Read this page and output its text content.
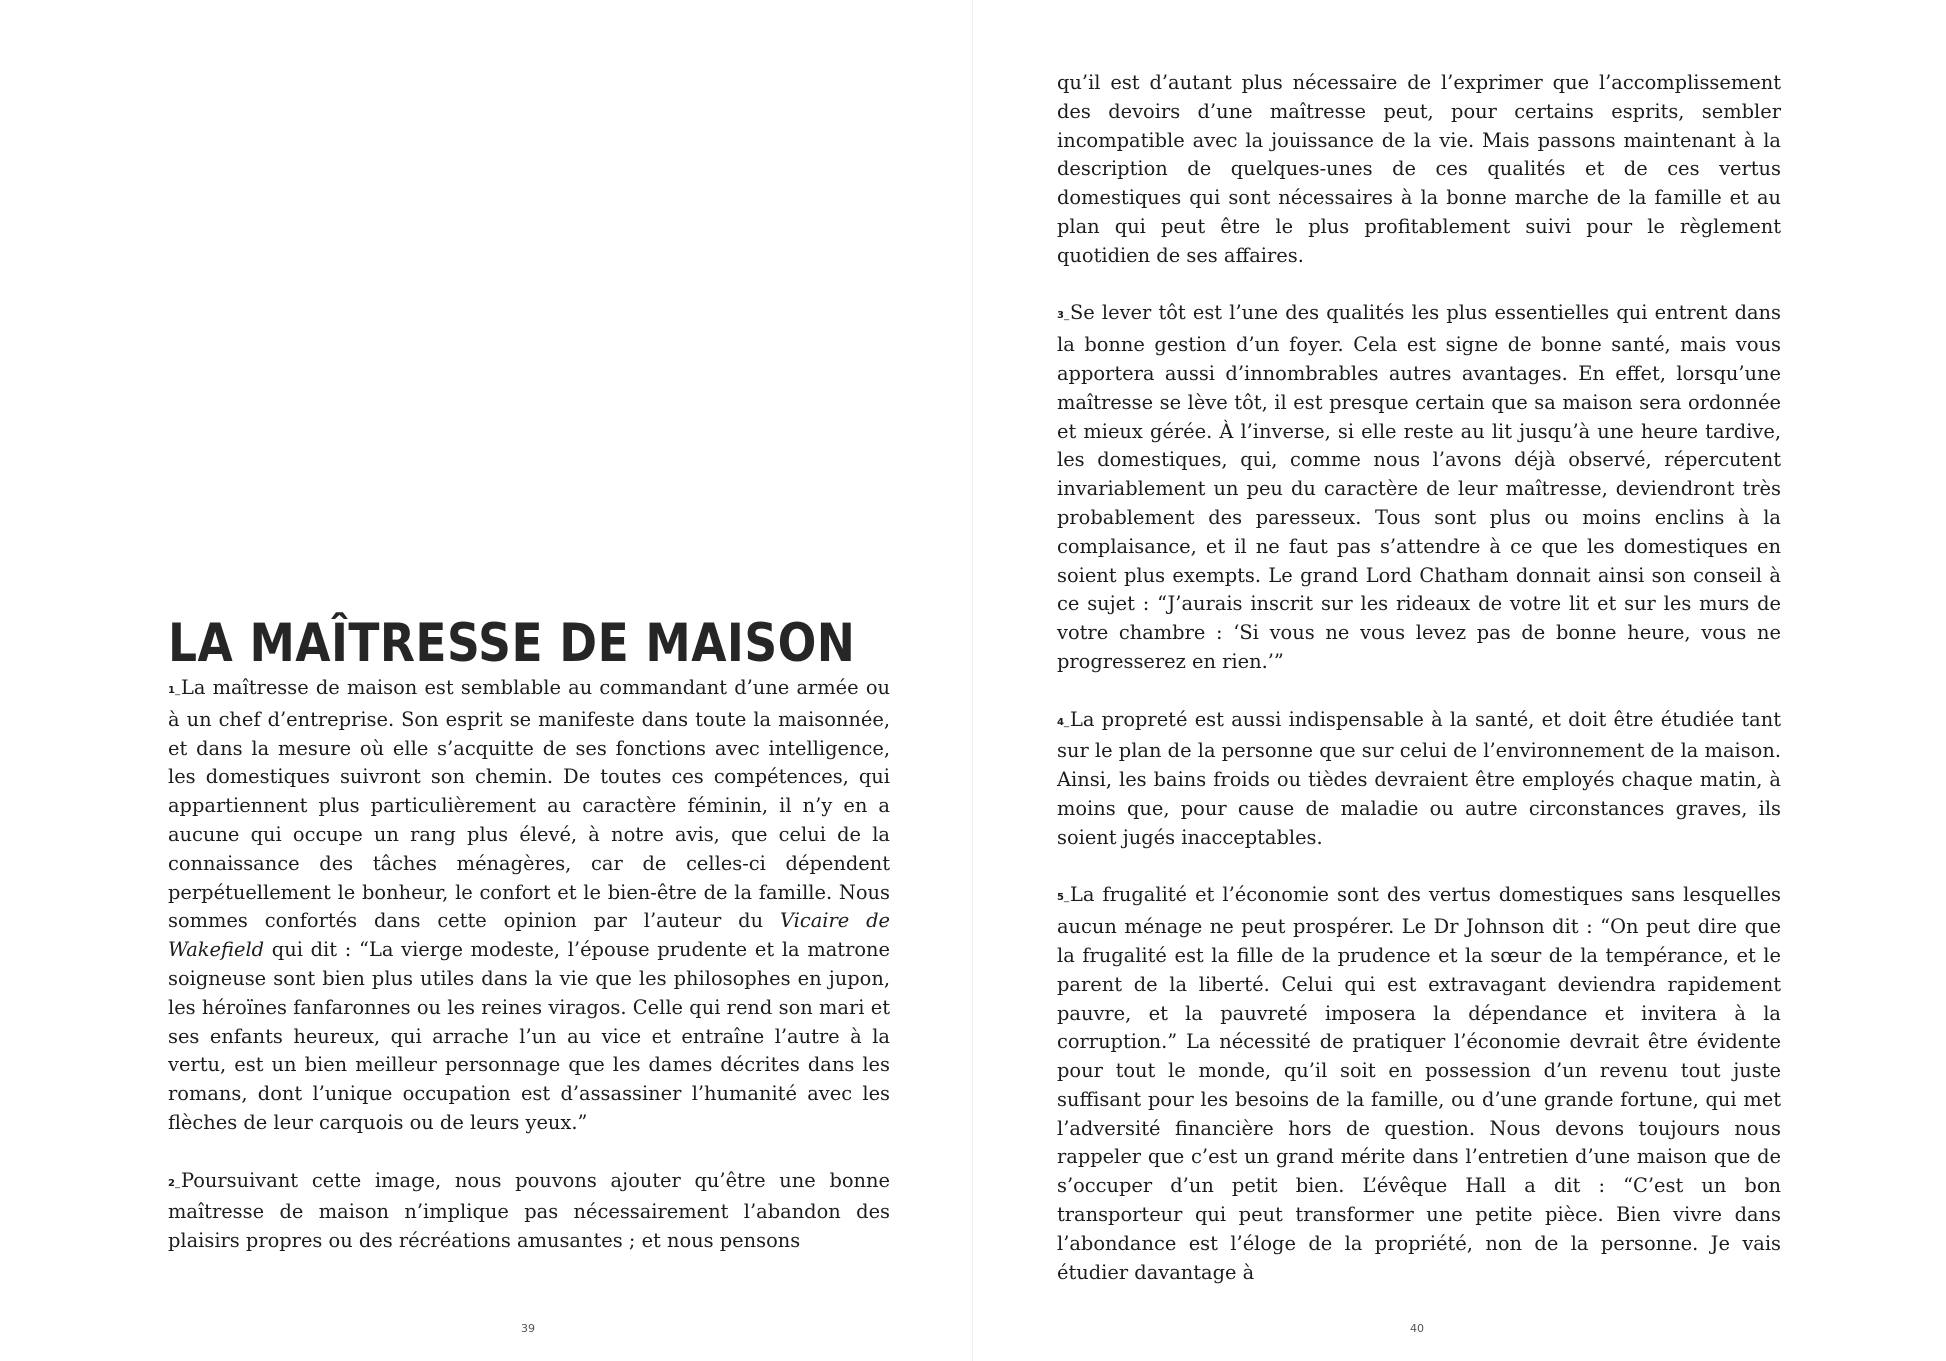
LA MAÎTRESSE DE MAISON

1 _ La maîtresse de maison est semblable au commandant d’une armée ou à un chef d’entreprise. Son esprit se manifeste dans toute la maisonnée, et dans la mesure où elle s’acquitte de ses fonctions avec intelligence, les domestiques suivront son chemin. De toutes ces compétences, qui appartiennent plus particulièrement au caractère féminin, il n’y en a aucune qui occupe un rang plus élevé, à notre avis, que celui de la connaissance des tâches ménagères, car de celles-ci dépendent perpétuellement le bonheur, le confort et le bien-être de la famille. Nous sommes confortés dans cette opinion par l’auteur du Vicaire de Wakefield qui dit : “La vierge modeste, l’épouse prudente et la matrone soigneuse sont bien plus utiles dans la vie que les philosophes en jupon, les héroïnes fanfaronnes ou les reines viragos. Celle qui rend son mari et ses enfants heureux, qui arrache l’un au vice et entraîne l’autre à la vertu, est un bien meilleur personnage que les dames décrites dans les romans, dont l’unique occupation est d’assassiner l’humanité avec les flèches de leur carquois ou de leurs yeux.”

2 _ Poursuivant cette image, nous pouvons ajouter qu’être une bonne maîtresse de maison n’implique pas nécessairement l’abandon des plaisirs propres ou des récréations amusantes ; et nous pensons

39

qu’il est d’autant plus nécessaire de l’exprimer que l’accomplissement des devoirs d’une maîtresse peut, pour certains esprits, sembler incompatible avec la jouissance de la vie. Mais passons maintenant à la description de quelques-unes de ces qualités et de ces vertus domestiques qui sont nécessaires à la bonne marche de la famille et au plan qui peut être le plus profitablement suivi pour le règlement quotidien de ses affaires.

3 _ Se lever tôt est l’une des qualités les plus essentielles qui entrent dans la bonne gestion d’un foyer. Cela est signe de bonne santé, mais vous apportera aussi d’innombrables autres avantages. En effet, lorsqu’une maîtresse se lève tôt, il est presque certain que sa maison sera ordonnée et mieux gérée. À l’inverse, si elle reste au lit jusqu’à une heure tardive, les domestiques, qui, comme nous l’avons déjà observé, répercutent invariablement un peu du caractère de leur maîtresse, deviendront très probablement des paresseux. Tous sont plus ou moins enclins à la complaisance, et il ne faut pas s’attendre à ce que les domestiques en soient plus exempts. Le grand Lord Chatham donnait ainsi son conseil à ce sujet : “J’aurais inscrit sur les rideaux de votre lit et sur les murs de votre chambre : ‘Si vous ne vous levez pas de bonne heure, vous ne progresserez en rien.’”

4 _ La propreté est aussi indispensable à la santé, et doit être étudiée tant sur le plan de la personne que sur celui de l’environnement de la maison. Ainsi, les bains froids ou tièdes devraient être employés chaque matin, à moins que, pour cause de maladie ou autre circonstances graves, ils soient jugés inacceptables.

5 _ La frugalité et l’économie sont des vertus domestiques sans lesquelles aucun ménage ne peut prospérer. Le Dr Johnson dit : “On peut dire que la frugalité est la fille de la prudence et la sœur de la tempérance, et le parent de la liberté. Celui qui est extravagant deviendra rapidement pauvre, et la pauvreté imposera la dépendance et invitera à la corruption.” La nécessité de pratiquer l’économie devrait être évidente pour tout le monde, qu’il soit en possession d’un revenu tout juste suffisant pour les besoins de la famille, ou d’une grande fortune, qui met l’adversité financière hors de question. Nous devons toujours nous rappeler que c’est un grand mérite dans l’entretien d’une maison que de s’occuper d’un petit bien. L’évêque Hall a dit : “C’est un bon transporteur qui peut transformer une petite pièce. Bien vivre dans l’abondance est l’éloge de la propriété, non de la personne. Je vais étudier davantage à

40
